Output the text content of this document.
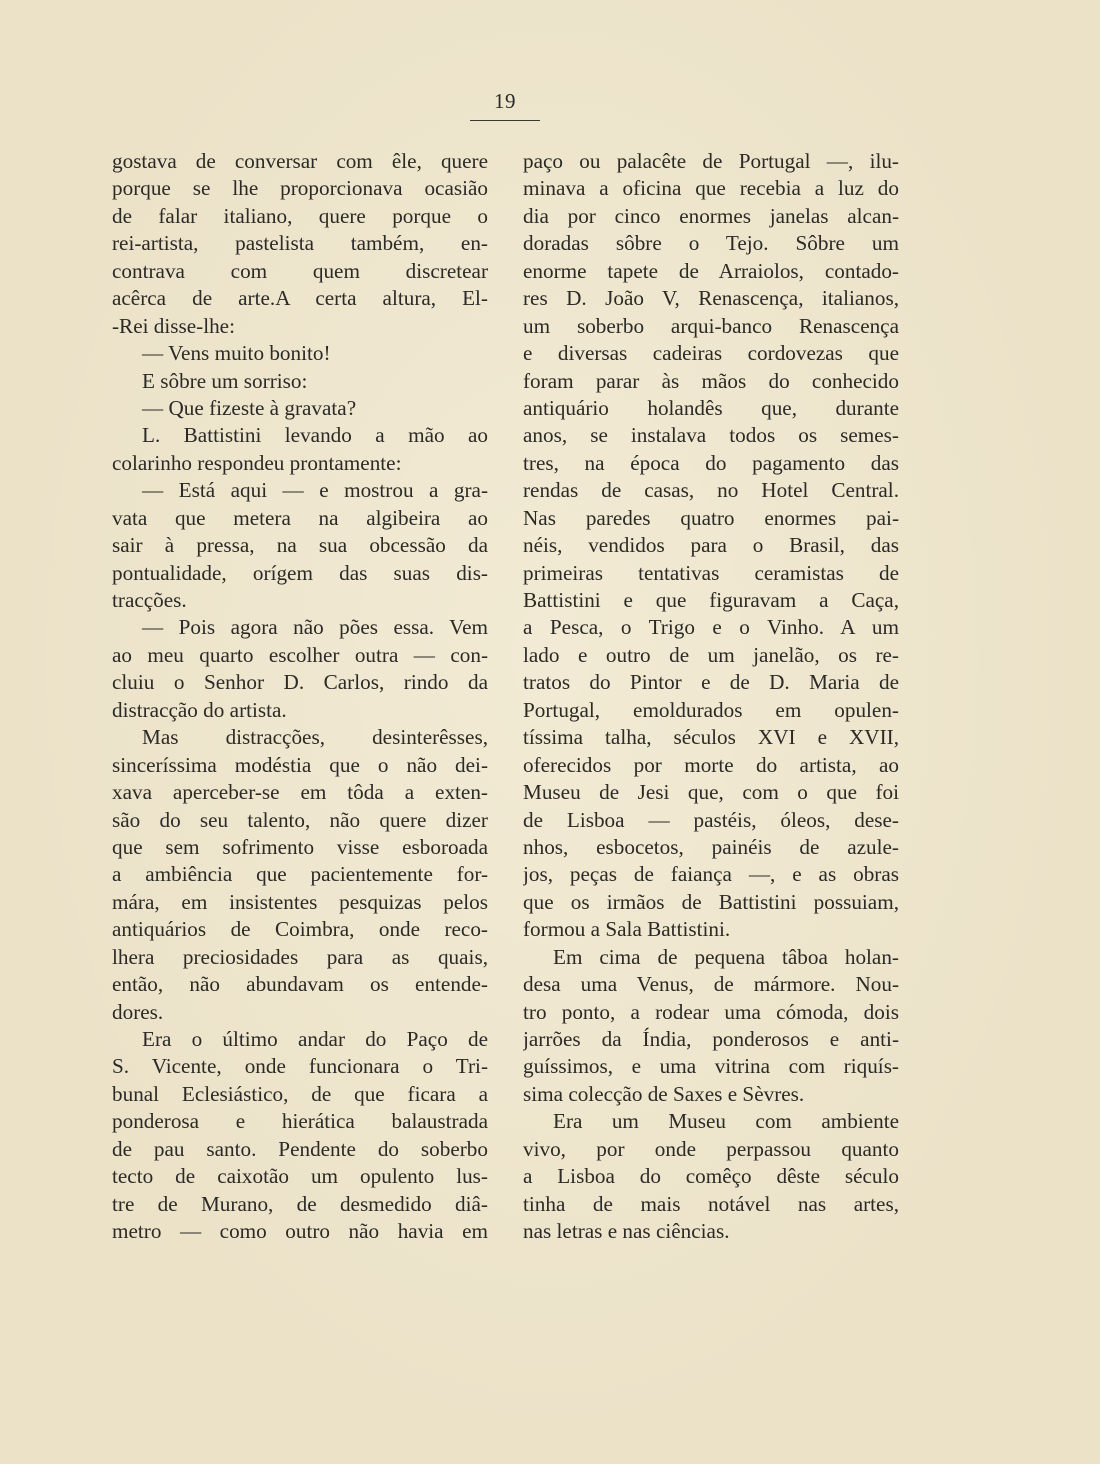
19
gostava de conversar com êle, quere
porque se lhe proporcionava ocasião
de falar italiano, quere porque o
rei-artista, pastelista também, en-
contrava com quem discretear
acêrca de arte.A certa altura, El-
-Rei disse-lhe:
— Vens muito bonito!
E sôbre um sorriso:
— Que fizeste à gravata?
L. Battistini levando a mão ao
colarinho respondeu prontamente:
— Está aqui — e mostrou a gra-
vata que metera na algibeira ao
sair à pressa, na sua obcessão da
pontualidade, orígem das suas dis-
tracções.
— Pois agora não pões essa. Vem
ao meu quarto escolher outra — con-
cluiu o Senhor D. Carlos, rindo da
distracção do artista.
Mas distracções, desinterêsses,
sinceríssima modéstia que o não dei-
xava aperceber-se em tôda a exten-
são do seu talento, não quere dizer
que sem sofrimento visse esboroada
a ambiência que pacientemente for-
mára, em insistentes pesquizas pelos
antiquários de Coimbra, onde reco-
lhera preciosidades para as quais,
então, não abundavam os entende-
dores.
Era o último andar do Paço de
S. Vicente, onde funcionara o Tri-
bunal Eclesiástico, de que ficara a
ponderosa e hierática balaustrada
de pau santo. Pendente do soberbo
tecto de caixotão um opulento lus-
tre de Murano, de desmedido diâ-
metro — como outro não havia em
paço ou palacête de Portugal —, ilu-
minava a oficina que recebia a luz do
dia por cinco enormes janelas alcan-
doradas sôbre o Tejo. Sôbre um
enorme tapete de Arraiolos, contado-
res D. João V, Renascença, italianos,
um soberbo arqui-banco Renascença
e diversas cadeiras cordovezas que
foram parar às mãos do conhecido
antiquário holandês que, durante
anos, se instalava todos os semes-
tres, na época do pagamento das
rendas de casas, no Hotel Central.
Nas paredes quatro enormes pai-
néis, vendidos para o Brasil, das
primeiras tentativas ceramistas de
Battistini e que figuravam a Caça,
a Pesca, o Trigo e o Vinho. A um
lado e outro de um janelão, os re-
tratos do Pintor e de D. Maria de
Portugal, emoldurados em opulen-
tíssima talha, séculos XVI e XVII,
oferecidos por morte do artista, ao
Museu de Jesi que, com o que foi
de Lisboa — pastéis, óleos, dese-
nhos, esbocetos, painéis de azule-
jos, peças de faiança —, e as obras
que os irmãos de Battistini possuiam,
formou a Sala Battistini.
Em cima de pequena tâboa holan-
desa uma Venus, de mármore. Nou-
tro ponto, a rodear uma cómoda, dois
jarrões da Índia, ponderosos e anti-
guíssimos, e uma vitrina com riquís-
sima colecção de Saxes e Sèvres.
Era um Museu com ambiente
vivo, por onde perpassou quanto
a Lisboa do comêço dêste século
tinha de mais notável nas artes,
nas letras e nas ciências.
